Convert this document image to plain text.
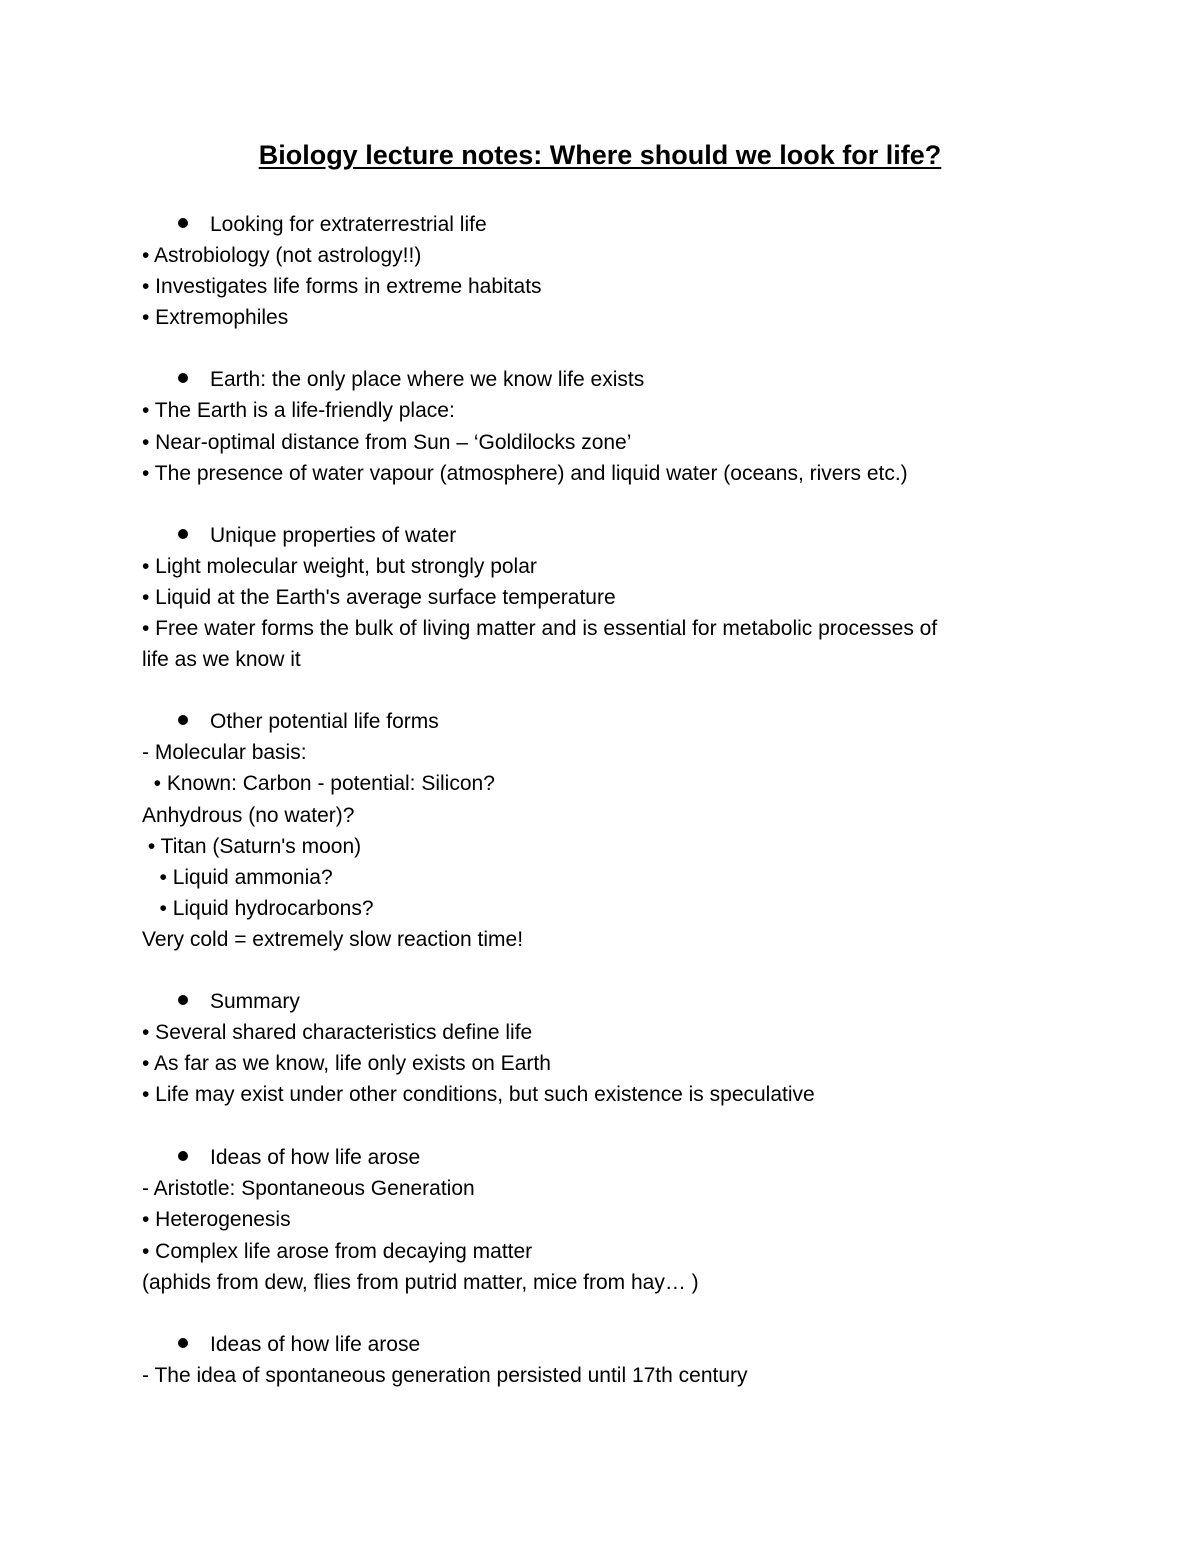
Biology lecture notes: Where should we look for life?
Looking for extraterrestrial life
• Astrobiology (not astrology!!)
• Investigates life forms in extreme habitats
• Extremophiles
Earth: the only place where we know life exists
• The Earth is a life-friendly place:
• Near-optimal distance from Sun – ‘Goldilocks zone’
• The presence of water vapour (atmosphere) and liquid water (oceans, rivers etc.)
Unique properties of water
• Light molecular weight, but strongly polar
• Liquid at the Earth's average surface temperature
• Free water forms the bulk of living matter and is essential for metabolic processes of
life as we know it
Other potential life forms
- Molecular basis:
• Known: Carbon - potential: Silicon?
Anhydrous (no water)?
• Titan (Saturn's moon)
• Liquid ammonia?
• Liquid hydrocarbons?
Very cold = extremely slow reaction time!
Summary
• Several shared characteristics define life
• As far as we know, life only exists on Earth
• Life may exist under other conditions, but such existence is speculative
Ideas of how life arose
- Aristotle: Spontaneous Generation
• Heterogenesis
• Complex life arose from decaying matter
(aphids from dew, flies from putrid matter, mice from hay… )
Ideas of how life arose
- The idea of spontaneous generation persisted until 17th century
